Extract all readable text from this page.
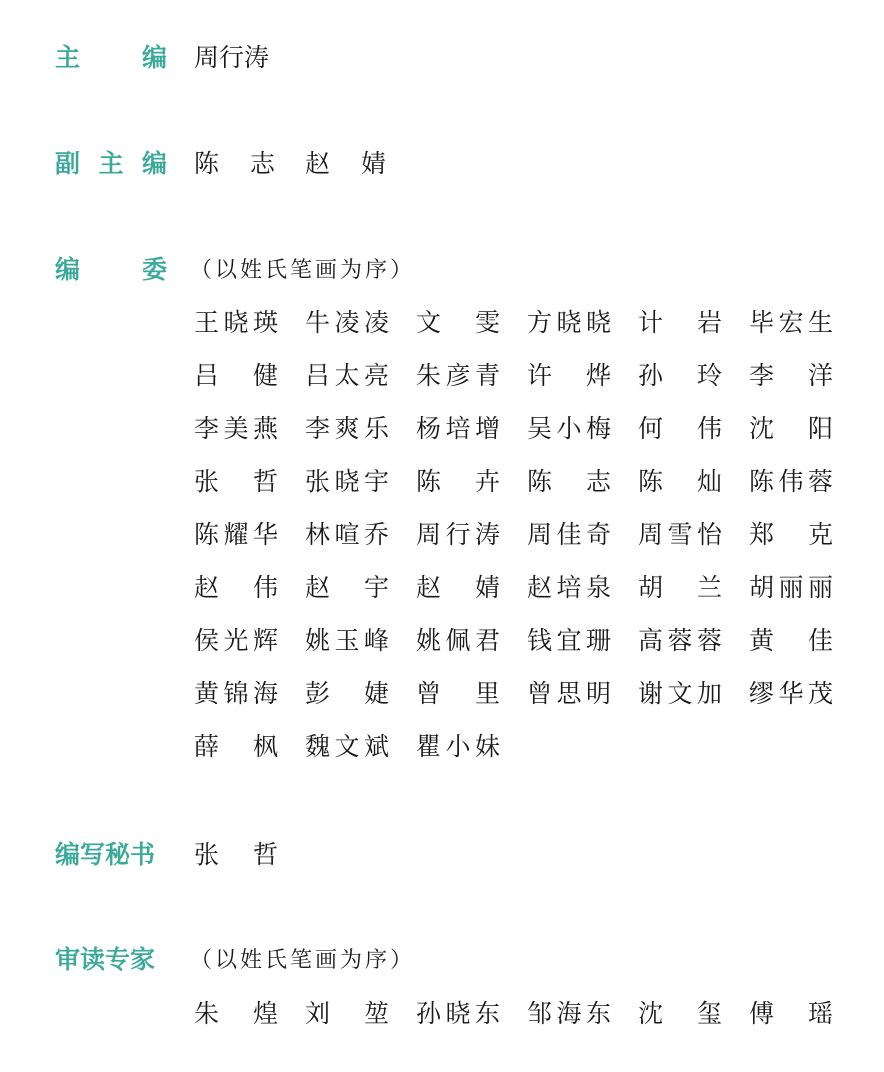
主 编 周行涛
副 主 编 陈 志 赵 婧
编 委 （以姓氏笔画为序）
王 晓 瑛 牛 凌 凌 文 雯 方 晓 晓 计 岩 毕 宏 生
吕 健 吕 太 亮 朱 彦 青 许 烨 孙 玲 李 洋
李 美 燕 李 爽 乐 杨 培 增 吴 小 梅 何 伟 沈 阳
张 哲 张 晓 宇 陈 卉 陈 志 陈 灿 陈 伟 蓉
陈 耀 华 林 喧 乔 周 行 涛 周 佳 奇 周 雪 怡 郑 克
赵 伟 赵 宇 赵 婧 赵 培 泉 胡 兰 胡 丽 丽
侯 光 辉 姚 玉 峰 姚 佩 君 钱 宜 珊 高 蓉 蓉 黄 佳
黄 锦 海 彭 婕 曾 里 曾 思 明 谢 文 加 缪 华 茂
薛 枫 魏 文 斌 瞿 小 妹
编写秘书	张 哲
审读专家	（以姓氏笔画为序）
朱 煌 刘 堃 孙 晓 东 邹 海 东 沈 玺 傅 瑶
